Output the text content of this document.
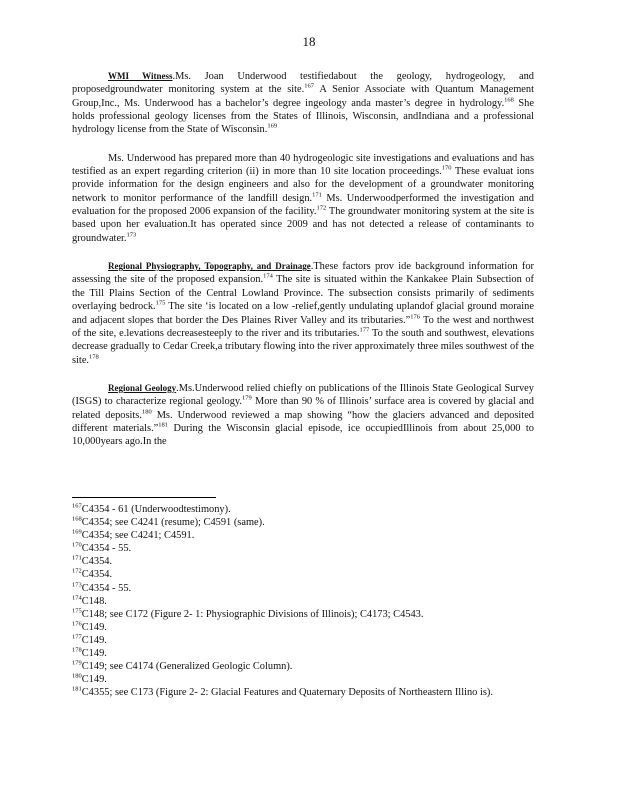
18

WMI Witness.Ms. Joan Underwood testifiedabout the geology, hydrogeology, and proposedgroundwater monitoring system at the site.$^{167}$ A Senior Associate with Quantum Management Group,Inc., Ms. Underwood has a bachelor’s degree ingeology anda master’s degree in hydrology.$^{168}$ She holds professional geology licenses from the States of Illinois, Wisconsin, andIndiana and a professional hydrology license from the State of Wisconsin.$^{169}$

Ms. Underwood has prepared more than 40 hydrogeologic site investigations and evaluations and has testified as an expert regarding criterion (ii) in more than 10 site location proceedings.$^{170}$ These evaluat ions provide information for the design engineers and also for the development of a groundwater monitoring network to monitor performance of the landfill design.$^{171}$ Ms. Underwoodperformed the investigation and evaluation for the proposed 2006 expansion of the facility.$^{172}$ The groundwater monitoring system at the site is based upon her evaluation.It has operated since 2009 and has not detected a release of contaminants to groundwater.$^{173}$

Regional Physiography, Topography, and Drainage.These factors prov ide background information for assessing the site of the proposed expansion.$^{174}$ The site is situated within the Kankakee Plain Subsection of the Till Plains Section of the Central Lowland Province. The subsection consists primarily of sediments overlaying bedrock.$^{175}$ The site ‘is located on a low -relief,gently undulating uplandof glacial ground moraine and adjacent slopes that border the Des Plaines River Valley and its tributaries.”$^{176}$ To the west and northwest of the site, e.levations decreasesteeply to the river and its tributaries.$^{177}$ To the south and southwest, elevations decrease gradually to Cedar Creek,a tributary flowing into the river approximately three miles southwest of the site.$^{178}$

Regional Geology.Ms.Underwood relied chiefly on publications of the Illinois State Geological Survey (ISGS) to characterize regional geology.$^{179}$ More than 90 % of Illinois’ surface area is covered by glacial and related deposits.$^{180}$ Ms. Underwood reviewed a map showing “how the glaciers advanced and deposited different materials.”$^{181}$ During the Wisconsin glacial episode, ice occupiedIllinois from about 25,000 to 10,000years ago.In the

$^{167}$C4354 - 61 (Underwoodtestimony).

$^{168}$C4354; see C4241 (resume); C4591 (same).

$^{169}$C4354; see C4241; C4591.

$^{170}$C4354 - 55.

$^{171}$C4354.

$^{172}$C4354.

$^{173}$C4354 - 55.

$^{174}$C148.

$^{175}$C148; see C172 (Figure 2- 1: Physiographic Divisions of Illinois); C4173; C4543.

$^{176}$C149.

$^{177}$C149.

$^{178}$C149.

$^{179}$C149; see C4174 (Generalized Geologic Column).

$^{180}$C149.

$^{181}$C4355; see C173 (Figure 2- 2: Glacial Features and Quaternary Deposits of Northeastern Illino is).
